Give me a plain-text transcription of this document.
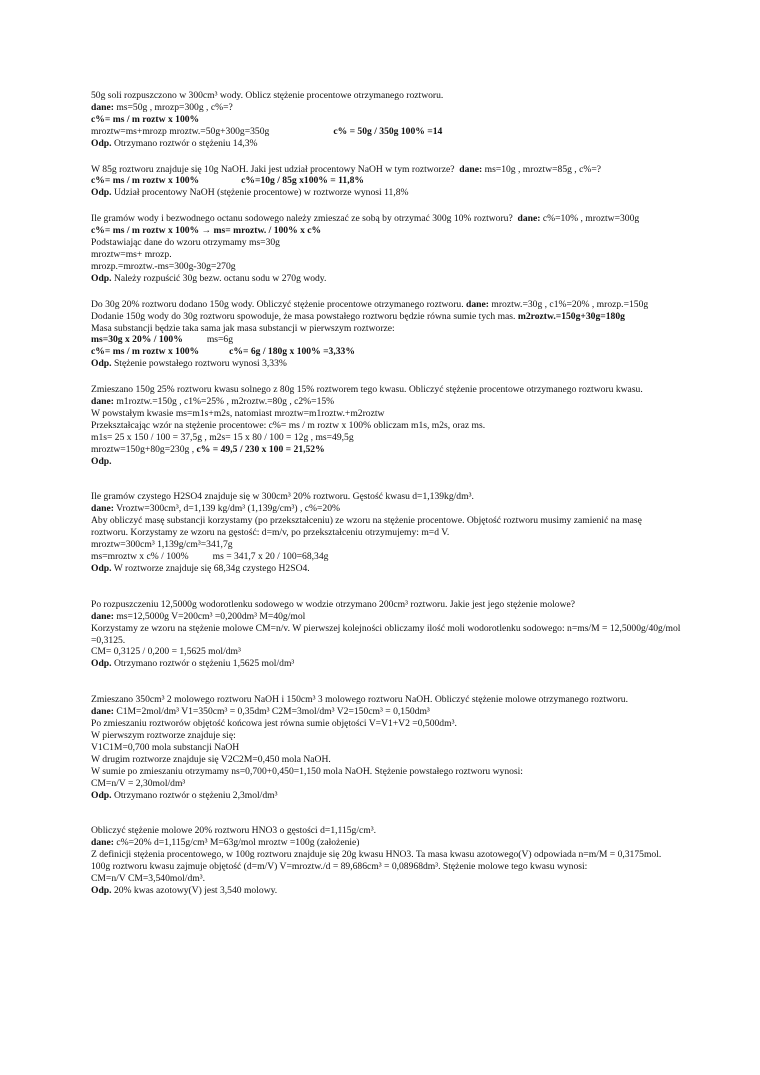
50g soli rozpuszczono w 300cm³ wody. Oblicz stężenie procentowe otrzymanego roztworu.
dane: ms=50g , mrozp=300g , c%=?
c%= ms / m roztw x 100%
mroztw=ms+mrozp mroztw.=50g+300g=350g	c% = 50g / 350g 100% =14
Odp. Otrzymano roztwór o stężeniu 14,3%
W 85g roztworu znajduje się 10g NaOH. Jaki jest udział procentowy NaOH w tym roztworze? dane: ms=10g , mroztw=85g , c%=?
c%= ms / m roztw x 100%	c%=10g / 85g x100% = 11,8%
Odp. Udział procentowy NaOH (stężenie procentowe) w roztworze wynosi 11,8%
Ile gramów wody i bezwodnego octanu sodowego należy zmieszać ze sobą by otrzymać 300g 10% roztworu? dane: c%=10% , mroztw=300g
c%= ms / m roztw x 100% → ms= mroztw. / 100% x c%
Podstawiając dane do wzoru otrzymamy ms=30g
mroztw=ms+ mrozp.
mrozp.=mroztw.-ms=300g-30g=270g
Odp. Należy rozpuścić 30g bezw. octanu sodu w 270g wody.
Do 30g 20% roztworu dodano 150g wody. Obliczyć stężenie procentowe otrzymanego roztworu. dane: mroztw.=30g , c1%=20% , mrozp.=150g
Dodanie 150g wody do 30g roztworu spowoduje, że masa powstałego roztworu będzie równa sumie tych mas. m2roztw.=150g+30g=180g
Masa substancji będzie taka sama jak masa substancji w pierwszym roztworze:
ms=30g x 20% / 100%	ms=6g
c%= ms / m roztw x 100%	c%= 6g / 180g x 100% =3,33%
Odp. Stężenie powstałego roztworu wynosi 3,33%
Zmieszano 150g 25% roztworu kwasu solnego z 80g 15% roztworem tego kwasu. Obliczyć stężenie procentowe otrzymanego roztworu kwasu.
dane: m1roztw.=150g , c1%=25% , m2roztw.=80g , c2%=15%
W powstałym kwasie ms=m1s+m2s, natomiast mroztw=m1roztw.+m2roztw
Przekształcając wzór na stężenie procentowe: c%= ms / m roztw x 100% obliczam m1s, m2s, oraz ms.
m1s= 25 x 150 / 100 = 37,5g , m2s= 15 x 80 / 100 = 12g , ms=49,5g
mroztw=150g+80g=230g , c% = 49,5 / 230 x 100 = 21,52%
Odp.
Ile gramów czystego H2SO4 znajduje się w 300cm³ 20% roztworu. Gęstość kwasu d=1,139kg/dm³.
dane: Vroztw=300cm³, d=1,139 kg/dm³ (1,139g/cm³) , c%=20%
Aby obliczyć masę substancji korzystamy (po przekształceniu) ze wzoru na stężenie procentowe. Objętość roztworu musimy zamienić na masę roztworu. Korzystamy ze wzoru na gęstość: d=m/v, po przekształceniu otrzymujemy: m=d V.
mroztw=300cm³ 1,139g/cm³=341,7g
ms=mroztw x c% / 100%	ms = 341,7 x 20 / 100=68,34g
Odp. W roztworze znajduje się 68,34g czystego H2SO4.
Po rozpuszczeniu 12,5000g wodorotlenku sodowego w wodzie otrzymano 200cm³ roztworu. Jakie jest jego stężenie molowe?
dane: ms=12,5000g V=200cm³ =0,200dm³ M=40g/mol
Korzystamy ze wzoru na stężenie molowe CM=n/v. W pierwszej kolejności obliczamy ilość moli wodorotlenku sodowego: n=ms/M = 12,5000g/40g/mol =0,3125.
CM= 0,3125 / 0,200 = 1,5625 mol/dm³
Odp. Otrzymano roztwór o stężeniu 1,5625 mol/dm³
Zmieszano 350cm³ 2 molowego roztworu NaOH i 150cm³ 3 molowego roztworu NaOH. Obliczyć stężenie molowe otrzymanego roztworu.
dane: C1M=2mol/dm³ V1=350cm³ = 0,35dm³ C2M=3mol/dm³ V2=150cm³ = 0,150dm³
Po zmieszaniu roztworów objętość końcowa jest równa sumie objętości V=V1+V2 =0,500dm³.
W pierwszym roztworze znajduje się:
V1C1M=0,700 mola substancji NaOH
W drugim roztworze znajduje się V2C2M=0,450 mola NaOH.
W sumie po zmieszaniu otrzymamy ns=0,700+0,450=1,150 mola NaOH. Stężenie powstałego roztworu wynosi:
CM=n/V = 2,30mol/dm³
Odp. Otrzymano roztwór o stężeniu 2,3mol/dm³
Obliczyć stężenie molowe 20% roztworu HNO3 o gęstości d=1,115g/cm³.
dane: c%=20% d=1,115g/cm³ M=63g/mol mroztw =100g (założenie)
Z definicji stężenia procentowego, w 100g roztworu znajduje się 20g kwasu HNO3. Ta masa kwasu azotowego(V) odpowiada n=m/M = 0,3175mol. 100g roztworu kwasu zajmuje objętość (d=m/V) V=mroztw./d = 89,686cm³ = 0,08968dm³. Stężenie molowe tego kwasu wynosi:
CM=n/V CM=3,540mol/dm³.
Odp. 20% kwas azotowy(V) jest 3,540 molowy.
